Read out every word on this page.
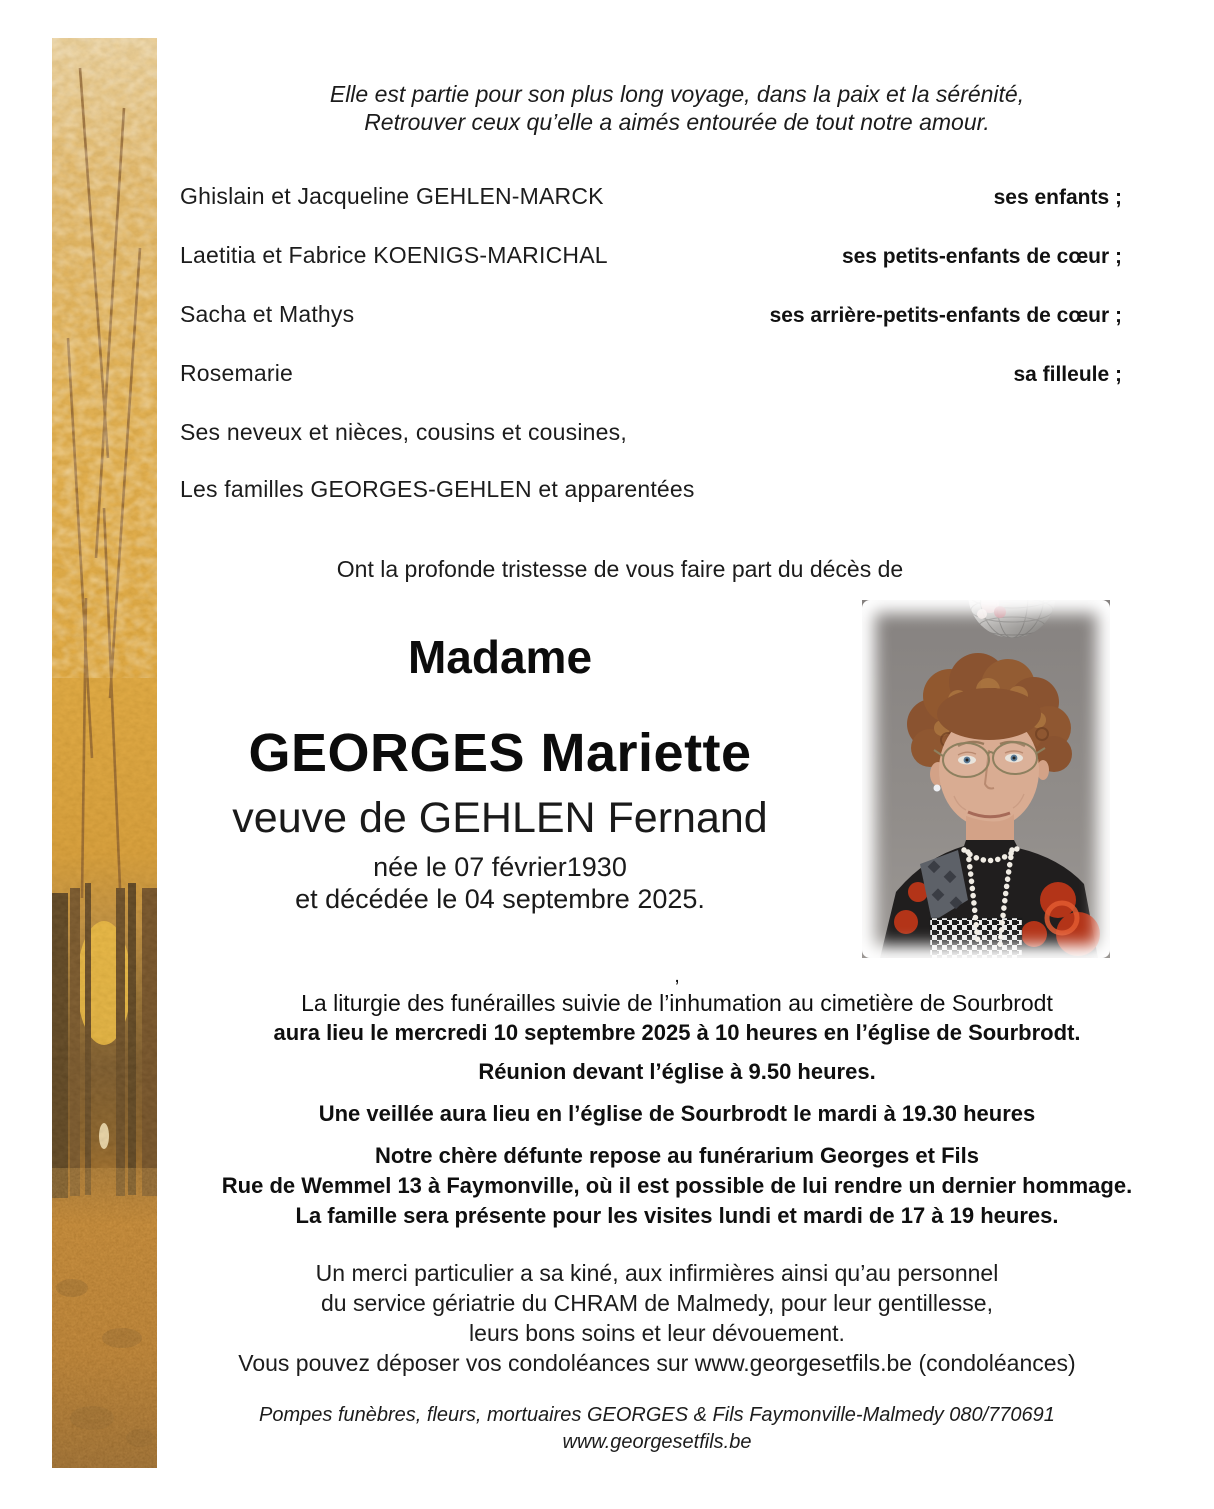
Elle est partie pour son plus long voyage, dans la paix et la sérénité,
Retrouver ceux qu’elle a aimés entourée de tout notre amour.
Ghislain et Jacqueline GEHLEN-MARCK	ses enfants ;
Laetitia et Fabrice KOENIGS-MARICHAL	ses petits-enfants de cœur ;
Sacha et Mathys	ses arrière-petits-enfants de cœur ;
Rosemarie	sa filleule ;
Ses neveux et nièces, cousins et cousines,
Les familles GEORGES-GEHLEN et apparentées
Ont la profonde tristesse de vous faire part du décès de
Madame
GEORGES Mariette
veuve de GEHLEN Fernand
née le 07 février1930
et décédée le 04 septembre 2025.
,
La liturgie des funérailles suivie de l’inhumation au cimetière de Sourbrodt
aura lieu le mercredi 10 septembre 2025 à 10 heures en l’église de Sourbrodt.
Réunion devant l’église à 9.50 heures.
Une veillée aura lieu en l’église de Sourbrodt le mardi à 19.30 heures
Notre chère défunte repose au funérarium Georges et Fils
Rue de Wemmel 13 à Faymonville, où il est possible de lui rendre un dernier hommage.
La famille sera présente pour les visites lundi et mardi de 17 à 19 heures.
Un merci particulier a sa kiné, aux infirmières ainsi qu’au personnel
du service gériatrie du CHRAM de Malmedy, pour leur gentillesse,
leurs bons soins et leur dévouement.
Vous pouvez déposer vos condoléances sur www.georgesetfils.be (condoléances)
Pompes funèbres, fleurs, mortuaires GEORGES & Fils Faymonville-Malmedy 080/770691
www.georgesetfils.be
